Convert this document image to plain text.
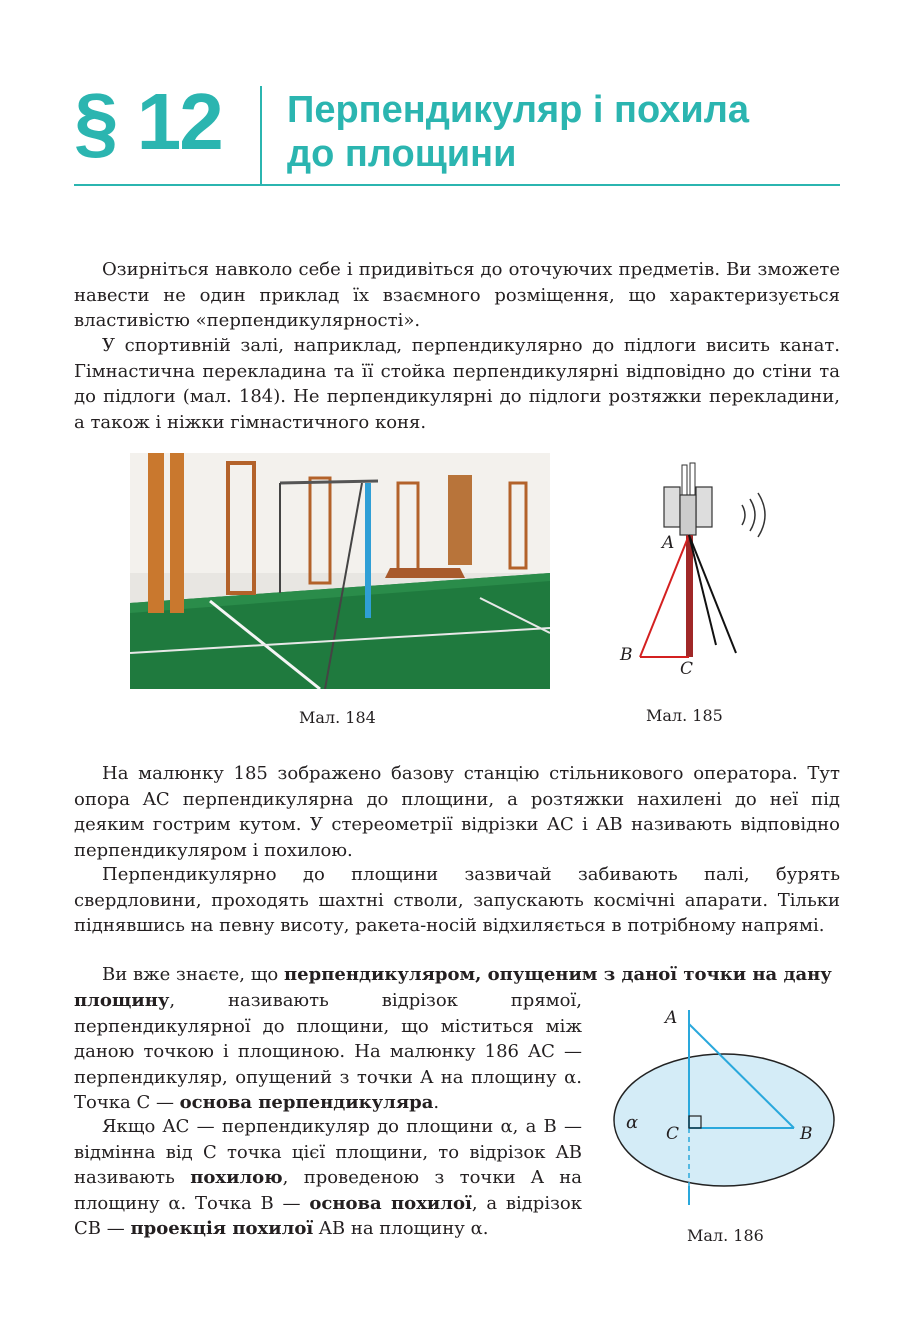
§ 12 Перпендикуляр і похила
до площини

Озирніться навколо себе і придивіться до оточуючих предметів. Ви зможете навести не один приклад їх взаємного розміщення, що характеризується властивістю «перпендикулярності».

У спортивній залі, наприклад, перпендикулярно до підлоги висить канат. Гімнастична перекладина та її стойка перпендикулярні відповідно до стіни та до підлоги (мал. 184). Не перпендикулярні до підлоги розтяжки перекладини, а також і ніжки гімнастичного коня.

Мал. 184
A
B
C
Мал. 185

На малюнку 185 зображено базову станцію стільникового оператора. Тут опора AC перпендикулярна до площини, а розтяжки нахилені до неї під деяким гострим кутом. У стереометрії відрізки AC і AB називають відповідно перпендикуляром і похилою.

Перпендикулярно до площини зазвичай забивають палі, бурять свердловини, проходять шахтні стволи, запускають космічні апарати. Тільки піднявшись на певну висоту, ракета-носій відхиляється в потрібному напрямі.

Ви вже знаєте, що перпендикуляром, опущеним з даної точки на дану

площину, називають відрізок прямої, перпендикулярної до площини, що міститься між даною точкою і площиною. На малюнку 186 AC — перпендикуляр, опущений з точки A на площину α. Точка C — основа перпендикуляра.

Якщо AC — перпендикуляр до площини α, а B — відмінна від C точка цієї площини, то відрізок AB називають похилою, проведеною з точки A на площину α. Точка B — основа похилої, а відрізок CB — проекція похилої AB на площину α.

A
B
C
α
Мал. 186
